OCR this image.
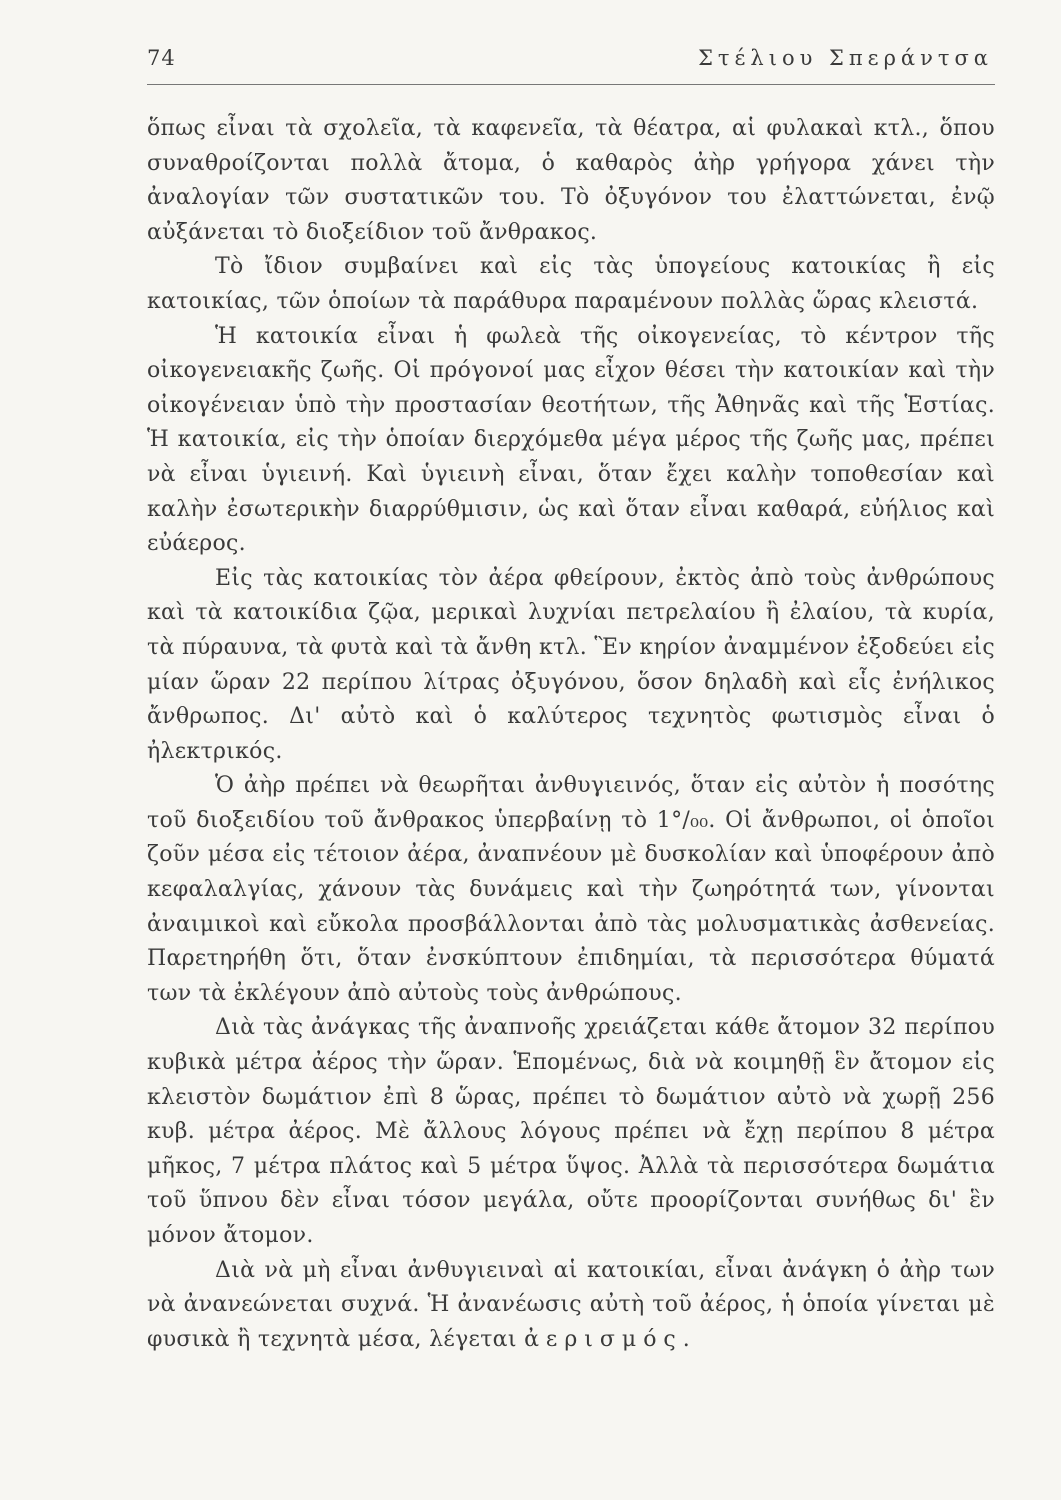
74	Στέλιου Σπεράντσα

ὅπως εἶναι τὰ σχολεῖα, τὰ καφενεῖα, τὰ θέατρα, αἱ φυλακαὶ κτλ., ὅπου συναθροίζονται πολλὰ ἄτομα, ὁ καθαρὸς ἀὴρ γρήγορα χάνει τὴν ἀναλογίαν τῶν συστατικῶν του. Τὸ ὀξυγόνον του ἐλαττώνεται, ἐνῷ αὐξάνεται τὸ διοξείδιον τοῦ ἄνθρακος.

Τὸ ἴδιον συμβαίνει καὶ εἰς τὰς ὑπογείους κατοικίας ἢ εἰς κατοικίας, τῶν ὁποίων τὰ παράθυρα παραμένουν πολλὰς ὥρας κλειστά.

Ἡ κατοικία εἶναι ἡ φωλεὰ τῆς οἰκογενείας, τὸ κέντρον τῆς οἰκογενειακῆς ζωῆς. Οἱ πρόγονοί μας εἶχον θέσει τὴν κατοικίαν καὶ τὴν οἰκογένειαν ὑπὸ τὴν προστασίαν θεοτήτων, τῆς Ἀθηνᾶς καὶ τῆς Ἑστίας. Ἡ κατοικία, εἰς τὴν ὁποίαν διερχόμεθα μέγα μέρος τῆς ζωῆς μας, πρέπει νὰ εἶναι ὑγιεινή. Καὶ ὑγιεινὴ εἶναι, ὅταν ἔχει καλὴν τοποθεσίαν καὶ καλὴν ἐσωτερικὴν διαρρύθμισιν, ὡς καὶ ὅταν εἶναι καθαρά, εὐήλιος καὶ εὐάερος.

Εἰς τὰς κατοικίας τὸν ἀέρα φθείρουν, ἐκτὸς ἀπὸ τοὺς ἀνθρώπους καὶ τὰ κατοικίδια ζῷα, μερικαὶ λυχνίαι πετρελαίου ἢ ἐλαίου, τὰ κυρία, τὰ πύραυνα, τὰ φυτὰ καὶ τὰ ἄνθη κτλ. Ἓν κηρίον ἀναμμένον ἐξοδεύει εἰς μίαν ὥραν 22 περίπου λίτρας ὀξυγόνου, ὅσον δηλαδὴ καὶ εἷς ἐνήλικος ἄνθρωπος. Δι' αὐτὸ καὶ ὁ καλύτερος τεχνητὸς φωτισμὸς εἶναι ὁ ἠλεκτρικός.

Ὁ ἀὴρ πρέπει νὰ θεωρῆται ἀνθυγιεινός, ὅταν εἰς αὐτὸν ἡ ποσότης τοῦ διοξειδίου τοῦ ἄνθρακος ὑπερβαίνῃ τὸ 1°/₀₀. Οἱ ἄνθρωποι, οἱ ὁποῖοι ζοῦν μέσα εἰς τέτοιον ἀέρα, ἀναπνέουν μὲ δυσκολίαν καὶ ὑποφέρουν ἀπὸ κεφαλαλγίας, χάνουν τὰς δυνάμεις καὶ τὴν ζωηρότητά των, γίνονται ἀναιμικοὶ καὶ εὔκολα προσβάλλονται ἀπὸ τὰς μολυσματικὰς ἀσθενείας. Παρετηρήθη ὅτι, ὅταν ἐνσκύπτουν ἐπιδημίαι, τὰ περισσότερα θύματά των τὰ ἐκλέγουν ἀπὸ αὐτοὺς τοὺς ἀνθρώπους.

Διὰ τὰς ἀνάγκας τῆς ἀναπνοῆς χρειάζεται κάθε ἄτομον 32 περίπου κυβικὰ μέτρα ἀέρος τὴν ὥραν. Ἑπομένως, διὰ νὰ κοιμηθῇ ἓν ἄτομον εἰς κλειστὸν δωμάτιον ἐπὶ 8 ὥρας, πρέπει τὸ δωμάτιον αὐτὸ νὰ χωρῇ 256 κυβ. μέτρα ἀέρος. Μὲ ἄλλους λόγους πρέπει νὰ ἔχῃ περίπου 8 μέτρα μῆκος, 7 μέτρα πλάτος καὶ 5 μέτρα ὕψος. Ἀλλὰ τὰ περισσότερα δωμάτια τοῦ ὕπνου δὲν εἶναι τόσον μεγάλα, οὔτε προορίζονται συνήθως δι' ἓν μόνον ἄτομον.

Διὰ νὰ μὴ εἶναι ἀνθυγιειναὶ αἱ κατοικίαι, εἶναι ἀνάγκη ὁ ἀὴρ των νὰ ἀνανεώνεται συχνά. Ἡ ἀνανέωσις αὐτὴ τοῦ ἀέρος, ἡ ὁποία γίνεται μὲ φυσικὰ ἢ τεχνητὰ μέσα, λέγεται ἀερισμός.
